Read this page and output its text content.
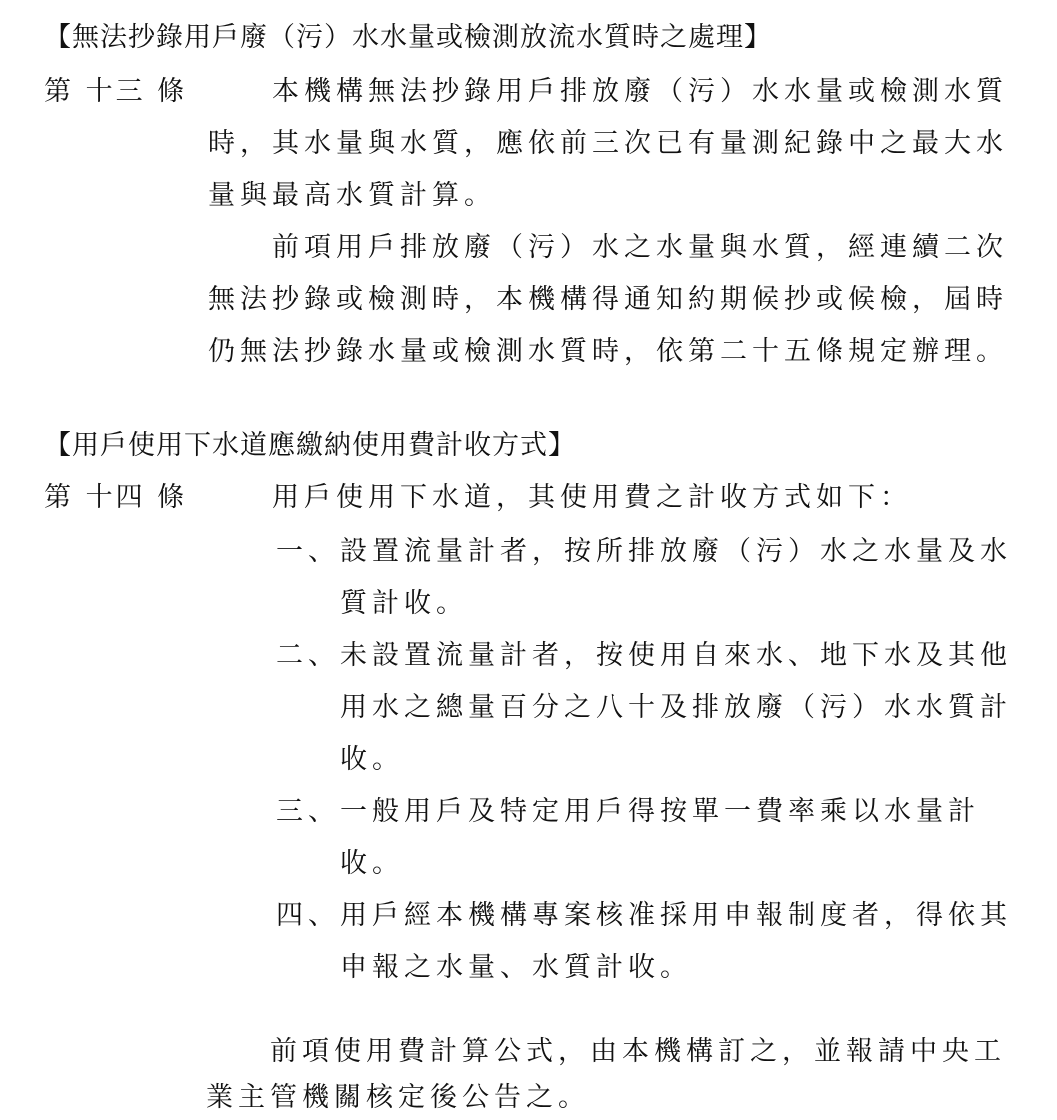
【無法抄錄用戶廢（污）水水量或檢測放流水質時之處理】
第 十三 條	本機構無法抄錄用戶排放廢（污）水水量或檢測水質
時，其水量與水質，應依前三次已有量測紀錄中之最大水
量與最高水質計算。
前項用戶排放廢（污）水之水量與水質，經連續二次
無法抄錄或檢測時，本機構得通知約期候抄或候檢，屆時
仍無法抄錄水量或檢測水質時，依第二十五條規定辦理。
【用戶使用下水道應繳納使用費計收方式】
第 十四 條	用戶使用下水道，其使用費之計收方式如下：
一、設置流量計者，按所排放廢（污）水之水量及水
質計收。
二、未設置流量計者，按使用自來水、地下水及其他
用水之總量百分之八十及排放廢（污）水水質計
收。
三、一般用戶及特定用戶得按單一費率乘以水量計
收。
四、用戶經本機構專案核准採用申報制度者，得依其
申報之水量、水質計收。
前項使用費計算公式，由本機構訂之，並報請中央工
業主管機關核定後公告之。
